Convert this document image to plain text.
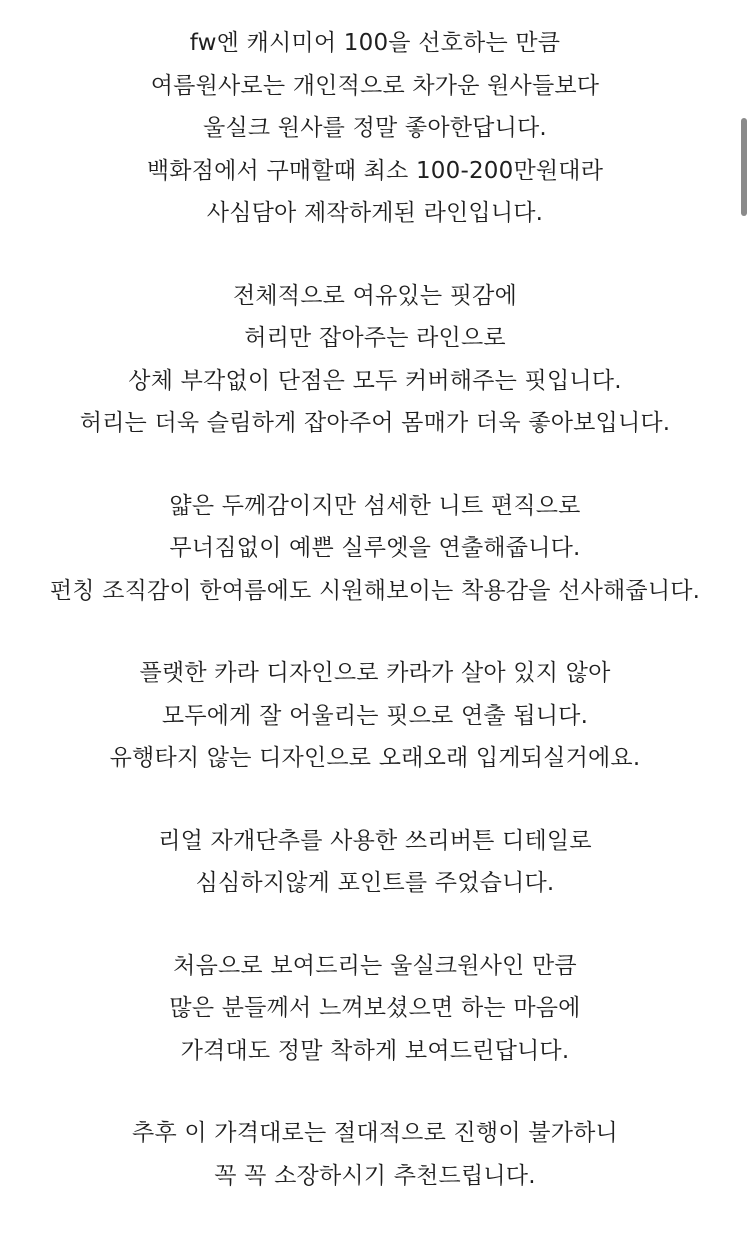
fw엔 캐시미어 100을 선호하는 만큼
여름원사로는 개인적으로 차가운 원사들보다
울실크 원사를 정말 좋아한답니다.
백화점에서 구매할때 최소 100-200만원대라
사심담아 제작하게된 라인입니다.
전체적으로 여유있는 핏감에
허리만 잡아주는 라인으로
상체 부각없이 단점은 모두 커버해주는 핏입니다.
허리는 더욱 슬림하게 잡아주어 몸매가 더욱 좋아보입니다.
얇은 두께감이지만 섬세한 니트 편직으로
무너짐없이 예쁜 실루엣을 연출해줍니다.
펀칭 조직감이 한여름에도 시원해보이는 착용감을 선사해줍니다.
플랫한 카라 디자인으로 카라가 살아 있지 않아
모두에게 잘 어울리는 핏으로 연출 됩니다.
유행타지 않는 디자인으로 오래오래 입게되실거에요.
리얼 자개단추를 사용한 쓰리버튼 디테일로
심심하지않게 포인트를 주었습니다.
처음으로 보여드리는 울실크원사인 만큼
많은 분들께서 느껴보셨으면 하는 마음에
가격대도 정말 착하게 보여드린답니다.
추후 이 가격대로는 절대적으로 진행이 불가하니
꼭 꼭 소장하시기 추천드립니다.
